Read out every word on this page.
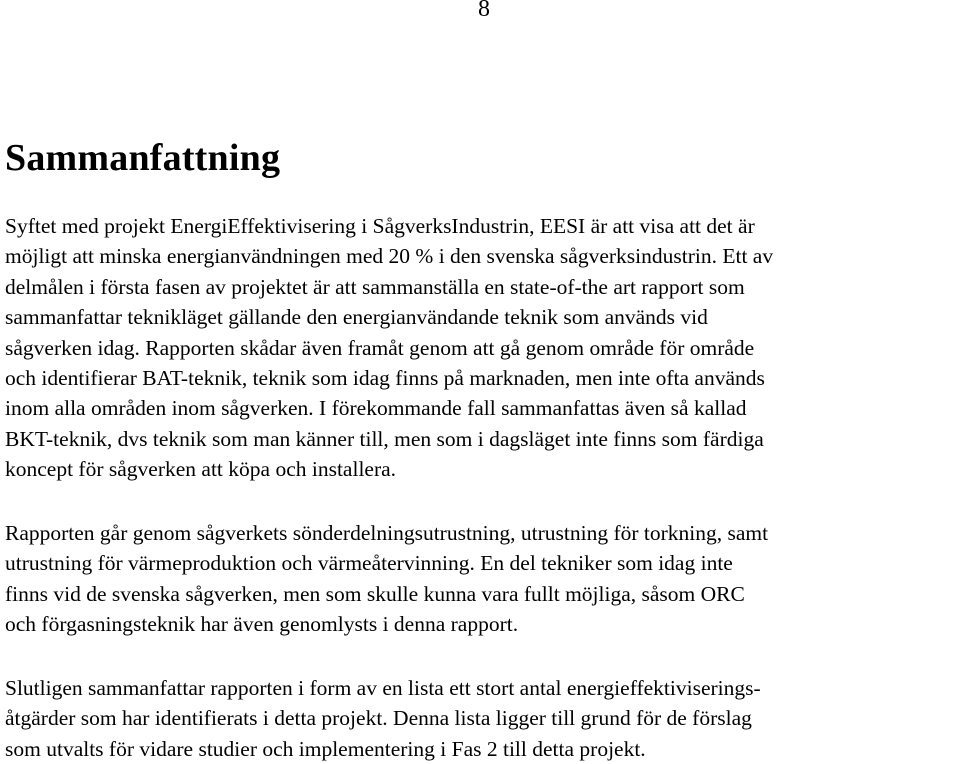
8
Sammanfattning

Syftet med projekt EnergiEffektivisering i SågverksIndustrin, EESI är att visa att det är
möjligt att minska energianvändningen med 20 % i den svenska sågverksindustrin. Ett av
delmålen i första fasen av projektet är att sammanställa en state-of-the art rapport som
sammanfattar teknikläget gällande den energianvändande teknik som används vid
sågverken idag. Rapporten skådar även framåt genom att gå genom område för område
och identifierar BAT-teknik, teknik som idag finns på marknaden, men inte ofta används
inom alla områden inom sågverken. I förekommande fall sammanfattas även så kallad
BKT-teknik, dvs teknik som man känner till, men som i dagsläget inte finns som färdiga
koncept för sågverken att köpa och installera.

Rapporten går genom sågverkets sönderdelningsutrustning, utrustning för torkning, samt
utrustning för värmeproduktion och värmeåtervinning. En del tekniker som idag inte
finns vid de svenska sågverken, men som skulle kunna vara fullt möjliga, såsom ORC
och förgasningsteknik har även genomlysts i denna rapport.

Slutligen sammanfattar rapporten i form av en lista ett stort antal energieffektiviserings-
åtgärder som har identifierats i detta projekt. Denna lista ligger till grund för de förslag
som utvalts för vidare studier och implementering i Fas 2 till detta projekt.
